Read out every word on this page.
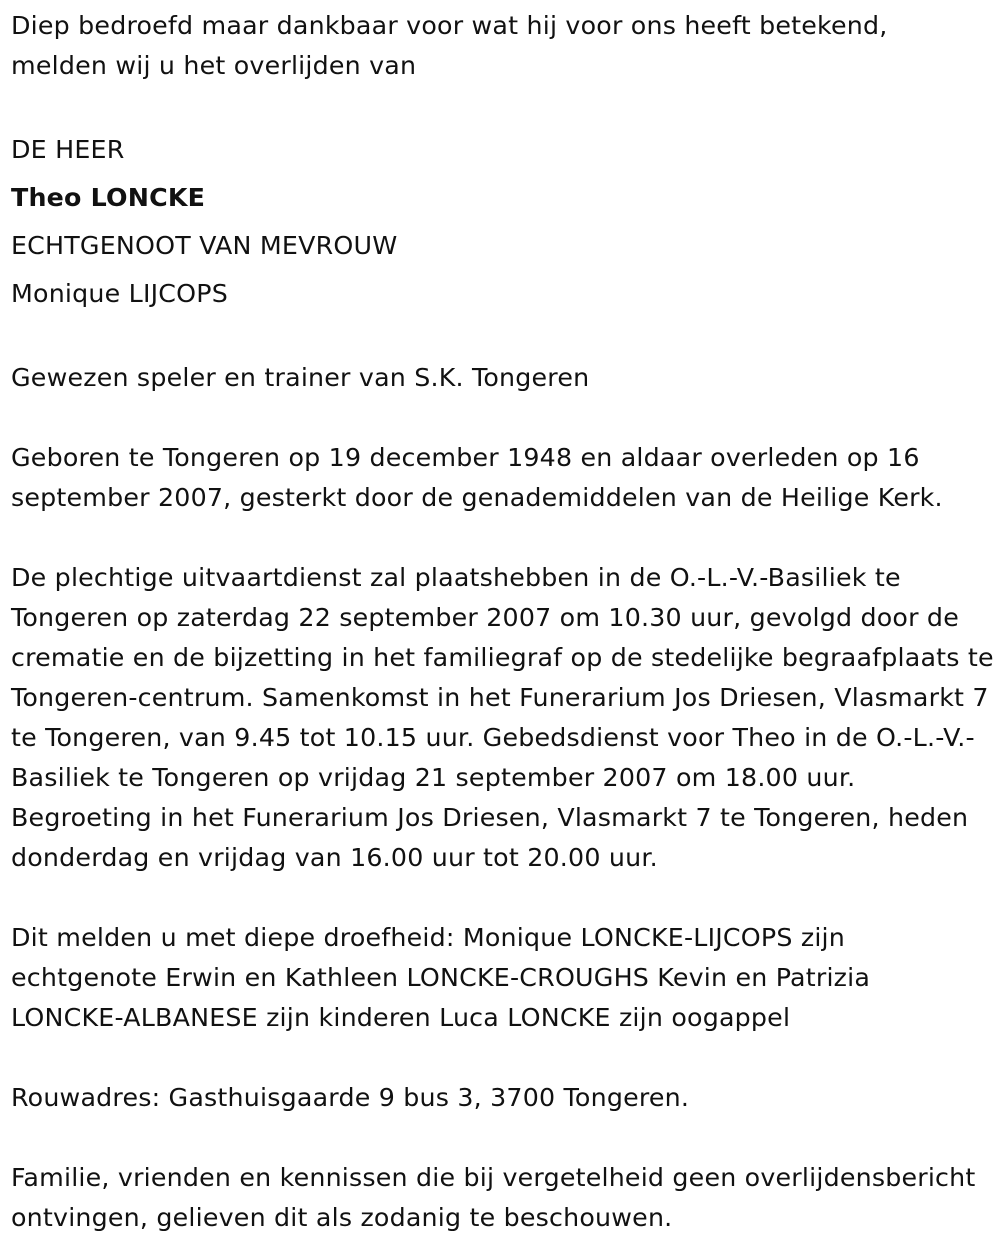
Diep bedroefd maar dankbaar voor wat hij voor ons heeft betekend, melden wij u het overlijden van

DE HEER

Theo LONCKE

ECHTGENOOT VAN MEVROUW

Monique LIJCOPS

Gewezen speler en trainer van S.K. Tongeren

Geboren te Tongeren op 19 december 1948 en aldaar overleden op 16 september 2007, gesterkt door de genademiddelen van de Heilige Kerk.

De plechtige uitvaartdienst zal plaatshebben in de O.-L.-V.-Basiliek te Tongeren op zaterdag 22 september 2007 om 10.30 uur, gevolgd door de crematie en de bijzetting in het familiegraf op de stedelijke begraafplaats te Tongeren-centrum. Samenkomst in het Funerarium Jos Driesen, Vlasmarkt 7 te Tongeren, van 9.45 tot 10.15 uur. Gebedsdienst voor Theo in de O.-L.-V.-Basiliek te Tongeren op vrijdag 21 september 2007 om 18.00 uur. Begroeting in het Funerarium Jos Driesen, Vlasmarkt 7 te Tongeren, heden donderdag en vrijdag van 16.00 uur tot 20.00 uur.

Dit melden u met diepe droefheid: Monique LONCKE-LIJCOPS zijn echtgenote Erwin en Kathleen LONCKE-CROUGHS Kevin en Patrizia LONCKE-ALBANESE zijn kinderen Luca LONCKE zijn oogappel

Rouwadres: Gasthuisgaarde 9 bus 3, 3700 Tongeren.

Familie, vrienden en kennissen die bij vergetelheid geen overlijdensbericht ontvingen, gelieven dit als zodanig te beschouwen.
